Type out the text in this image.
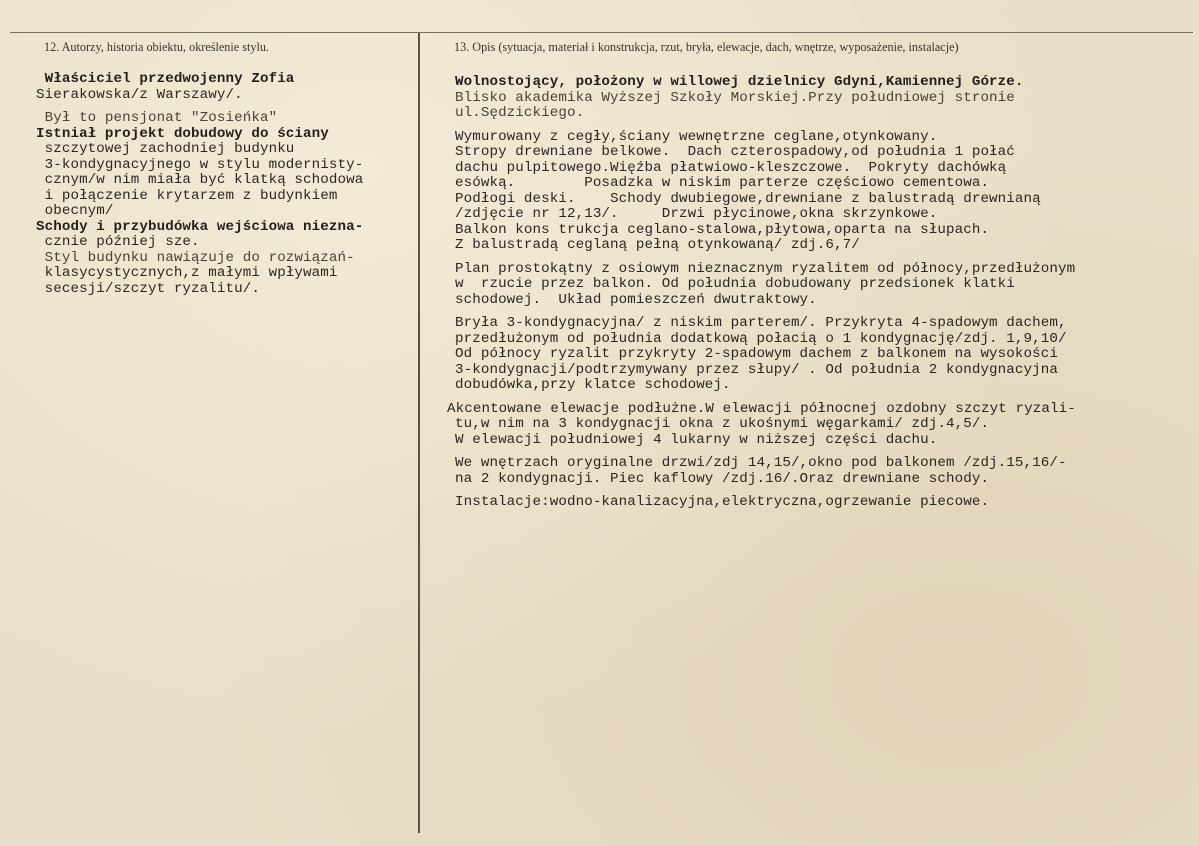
12. Autorzy, historia obiektu, określenie stylu.	13. Opis (sytuacja, materiał i konstrukcja, rzut, bryła, elewacje, dach, wnętrze, wyposażenie, instalacje)
Właściciel przedwojenny Zofia
Sierakowska/z Warszawy/.
Był to pensjonat "Zosieńka"
Istniał projekt dobudowy do ściany
szczytowej zachodniej budynku
3-kondygnacyjnego w stylu modernisty-
cznym/w nim miała być klatką schodowa
i połączenie krytarzem z budynkiem
obecnym/
Schody i przybudówka wejściowa niezna-
cznie później sze.
Styl budynku nawiązuje do rozwiązań-
klasycystycznych,z małymi wpływami
secesji/szczyt ryzalitu/.
Wolnostojący, położony w willowej dzielnicy Gdyni,Kamiennej Górze.
Blisko akademika Wyższej Szkoły Morskiej.Przy południowej stronie
ul.Sędzickiego.
Wymurowany z cegły,ściany wewnętrzne ceglane,otynkowany.
Stropy drewniane belkowe.  Dach czterospadowy,od południa 1 połać
dachu pulpitowego.Więźba płatwiowo-kleszczowe.  Pokryty dachówką
esówką.        Posadzka w niskim parterze częściowo cementowa.
Podłogi deski.    Schody dwubiegowe,drewniane z balustradą drewnianą
/zdjęcie nr 12,13/.     Drzwi płycinowe,okna skrzynkowe.
Balkon kons trukcja ceglano-stalowa,płytowa,oparta na słupach.
Z balustradą ceglaną pełną otynkowaną/ zdj.6,7/
Plan prostokątny z osiowym nieznacznym ryzalitem od północy,przedłużonym
w  rzucie przez balkon. Od południa dobudowany przedsionek klatki
schodowej.  Układ pomieszczeń dwutraktowy.
Bryła 3-kondygnacyjna/ z niskim parterem/. Przykryta 4-spadowym dachem,
przedłużonym od południa dodatkową połacią o 1 kondygnację/zdj. 1,9,10/
Od północy ryzalit przykryty 2-spadowym dachem z balkonem na wysokości
3-kondygnacji/podtrzymywany przez słupy/ . Od południa 2 kondygnacyjna
dobudówka,przy klatce schodowej.
Akcentowane elewacje podłużne.W elewacji północnej ozdobny szczyt ryzali-
tu,w nim na 3 kondygnacji okna z ukośnymi węgarkami/ zdj.4,5/.
W elewacji południowej 4 lukarny w niższej części dachu.
We wnętrzach oryginalne drzwi/zdj 14,15/,okno pod balkonem /zdj.15,16/-
na 2 kondygnacji. Piec kaflowy /zdj.16/.Oraz drewniane schody.
Instalacje:wodno-kanalizacyjna,elektryczna,ogrzewanie piecowe.
